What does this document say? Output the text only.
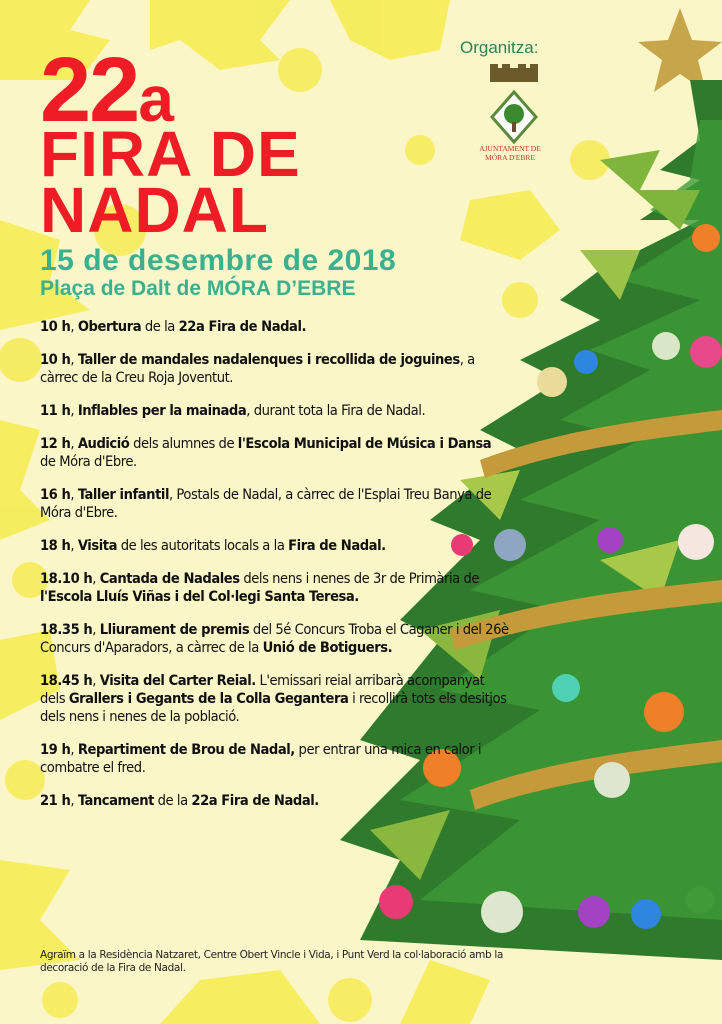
22a
FIRA DE
NADAL
15 de desembre de 2018
Plaça de Dalt de MÓRA D’EBRE
Organitza:
AJUNTAMENT DE
MÓRA D'EBRE
10 h, Obertura de la 22a Fira de Nadal.
10 h, Taller de mandales nadalenques i recollida de joguines, a càrrec de la Creu Roja Joventut.
11 h, Inflables per la mainada, durant tota la Fira de Nadal.
12 h, Audició dels alumnes de l'Escola Municipal de Música i Dansa de Móra d'Ebre.
16 h, Taller infantil, Postals de Nadal, a càrrec de l'Esplai Treu Banya de Móra d'Ebre.
18 h, Visita de les autoritats locals a la Fira de Nadal.
18.10 h, Cantada de Nadales dels nens i nenes de 3r de Primària de l'Escola Lluís Viñas i del Col·legi Santa Teresa.
18.35 h, Lliurament de premis del 5é Concurs Troba el Caganer i del 26è Concurs d'Aparadors, a càrrec de la Unió de Botiguers.
18.45 h, Visita del Carter Reial. L'emissari reial arribarà acompanyat dels Grallers i Gegants de la Colla Gegantera i recollirà tots els desitjos dels nens i nenes de la població.
19 h, Repartiment de Brou de Nadal, per entrar una mica en calor i combatre el fred.
21 h, Tancament de la 22a Fira de Nadal.
Agraïm a la Residència Natzaret, Centre Obert Vincle i Vida, i Punt Verd la col·laboració amb la decoració de la Fira de Nadal.
